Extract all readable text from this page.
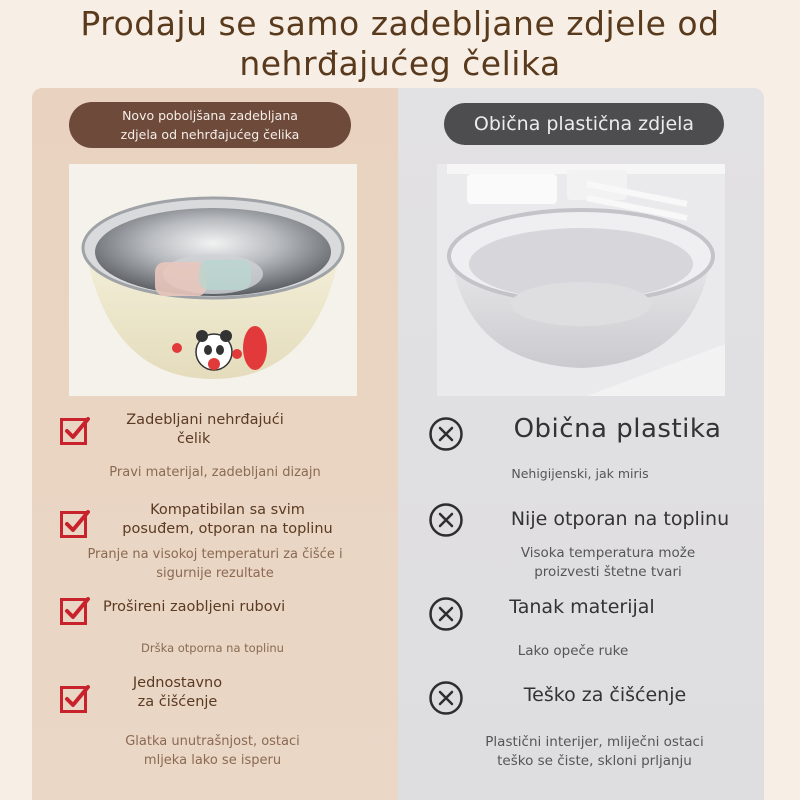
Prodaju se samo zadebljane zdjele od
nehrđajućeg čelika
Novo poboljšana zadebljana
zdjela od nehrđajućeg čelika	Obična plastična zdjela
Zadebljani nehrđajući
čelik
Pravi materijal, zadebljani dizajn
Kompatibilan sa svim
posuđem, otporan na toplinu
Pranje na visokoj temperaturi za čišće i
sigurnije rezultate
Prošireni zaobljeni rubovi
Drška otporna na toplinu
Jednostavno
za čišćenje
Glatka unutrašnjost, ostaci
mljeka lako se isperu
Obična plastika
Nehigijenski, jak miris
Nije otporan na toplinu
Visoka temperatura može
proizvesti štetne tvari
Tanak materijal
Lako opeče ruke
Teško za čišćenje
Plastični interijer, mliječni ostaci
teško se čiste, skloni prljanju
